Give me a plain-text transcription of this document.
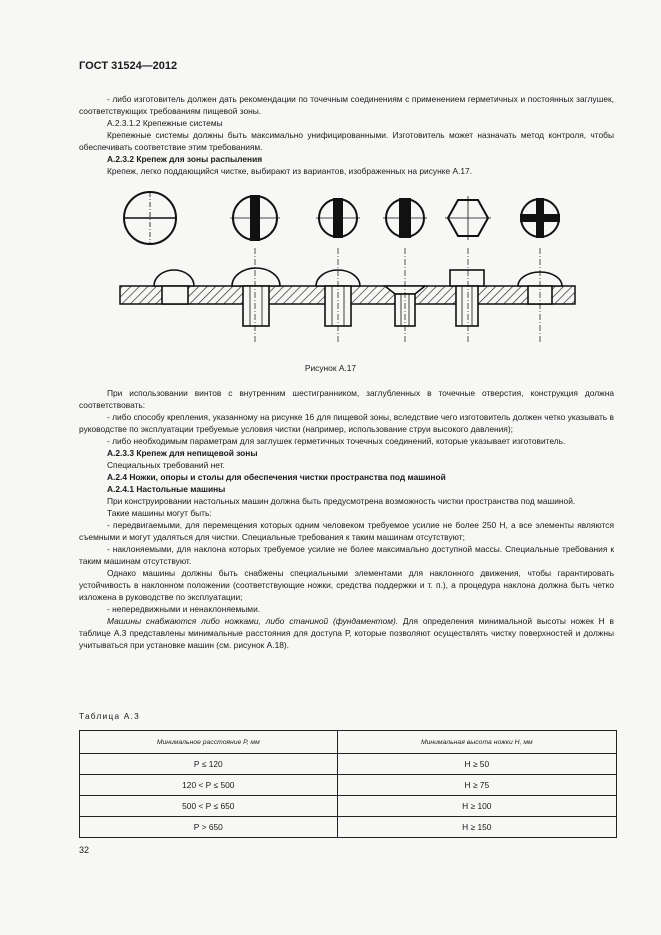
ГОСТ 31524—2012

- либо изготовитель должен дать рекомендации по точечным соединениям с применением герметичных и постоянных заглушек, соответствующих требованиям пищевой зоны.

А.2.3.1.2 Крепежные системы

Крепежные системы должны быть максимально унифицированными. Изготовитель может назначать метод контроля, чтобы обеспечивать соответствие этим требованиям.

А.2.3.2 Крепеж для зоны распыления

Крепеж, легко поддающийся чистке, выбирают из вариантов, изображенных на рисунке А.17.

Рисунок А.17

При использовании винтов с внутренним шестигранником, заглубленных в точечные отверстия, конструкция должна соответствовать:

- либо способу крепления, указанному на рисунке 16 для пищевой зоны, вследствие чего изготовитель должен четко указывать в руководстве по эксплуатации требуемые условия чистки (например, использование струи высокого давления);

- либо необходимым параметрам для заглушек герметичных точечных соединений, которые указывает изготовитель.

А.2.3.3 Крепеж для непищевой зоны

Специальных требований нет.

А.2.4 Ножки, опоры и столы для обеспечения чистки пространства под машиной

А.2.4.1 Настольные машины

При конструировании настольных машин должна быть предусмотрена возможность чистки пространства под машиной.

Такие машины могут быть:

- передвигаемыми, для перемещения которых одним человеком требуемое усилие не более 250 Н, а все элементы являются съемными и могут удаляться для чистки. Специальные требования к таким машинам отсутствуют;

- наклоняемыми, для наклона которых требуемое усилие не более максимально доступной массы. Специальные требования к таким машинам отсутствуют.

Однако машины должны быть снабжены специальными элементами для наклонного движения, чтобы гарантировать устойчивость в наклонном положении (соответствующие ножки, средства поддержки и т. п.), а процедура наклона должна быть четко изложена в руководстве по эксплуатации;

- непередвижными и ненаклоняемыми.

Машины снабжаются либо ножками, либо станиной (фундаментом). Для определения минимальной высоты ножек Н в таблице А.3 представлены минимальные расстояния для доступа Р, которые позволяют осуществлять чистку поверхностей и должны учитываться при установке машин (см. рисунок А.18).

Таблица А.3
Минимальное расстояние Р, мм	Минимальная высота ножки Н, мм
Р ≤ 120	Н ≥ 50
120 < Р ≤ 500	Н ≥ 75
500 < Р ≤ 650	Н ≥ 100
Р > 650	Н ≥ 150
32
